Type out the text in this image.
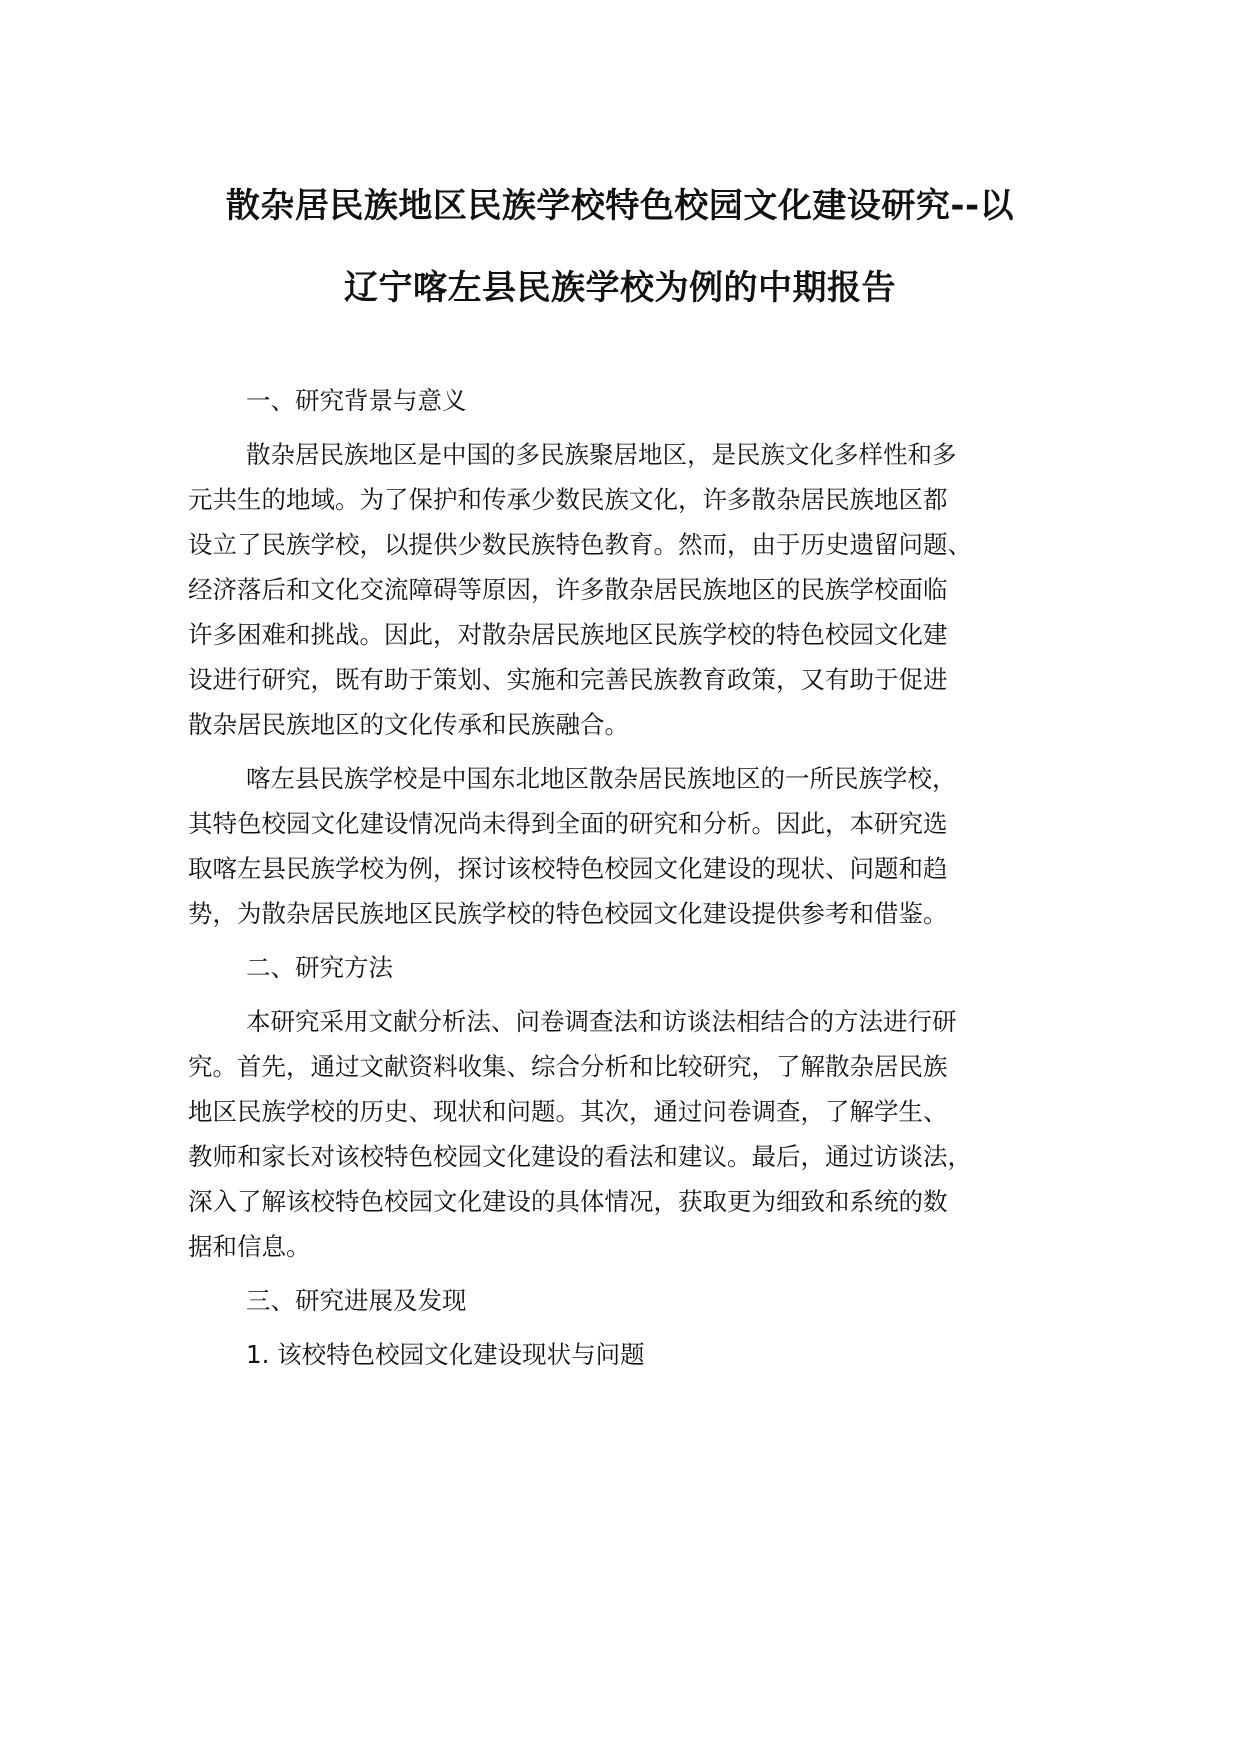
散杂居民族地区民族学校特色校园文化建设研究--以
辽宁喀左县民族学校为例的中期报告

一、研究背景与意义

散杂居民族地区是中国的多民族聚居地区，是民族文化多样性和多
元共生的地域。为了保护和传承少数民族文化，许多散杂居民族地区都
设立了民族学校，以提供少数民族特色教育。然而，由于历史遗留问题、
经济落后和文化交流障碍等原因，许多散杂居民族地区的民族学校面临
许多困难和挑战。因此，对散杂居民族地区民族学校的特色校园文化建
设进行研究，既有助于策划、实施和完善民族教育政策，又有助于促进
散杂居民族地区的文化传承和民族融合。

喀左县民族学校是中国东北地区散杂居民族地区的一所民族学校，
其特色校园文化建设情况尚未得到全面的研究和分析。因此，本研究选
取喀左县民族学校为例，探讨该校特色校园文化建设的现状、问题和趋
势，为散杂居民族地区民族学校的特色校园文化建设提供参考和借鉴。

二、研究方法

本研究采用文献分析法、问卷调查法和访谈法相结合的方法进行研
究。首先，通过文献资料收集、综合分析和比较研究，了解散杂居民族
地区民族学校的历史、现状和问题。其次，通过问卷调查，了解学生、
教师和家长对该校特色校园文化建设的看法和建议。最后，通过访谈法，
深入了解该校特色校园文化建设的具体情况，获取更为细致和系统的数
据和信息。

三、研究进展及发现

1. 该校特色校园文化建设现状与问题
